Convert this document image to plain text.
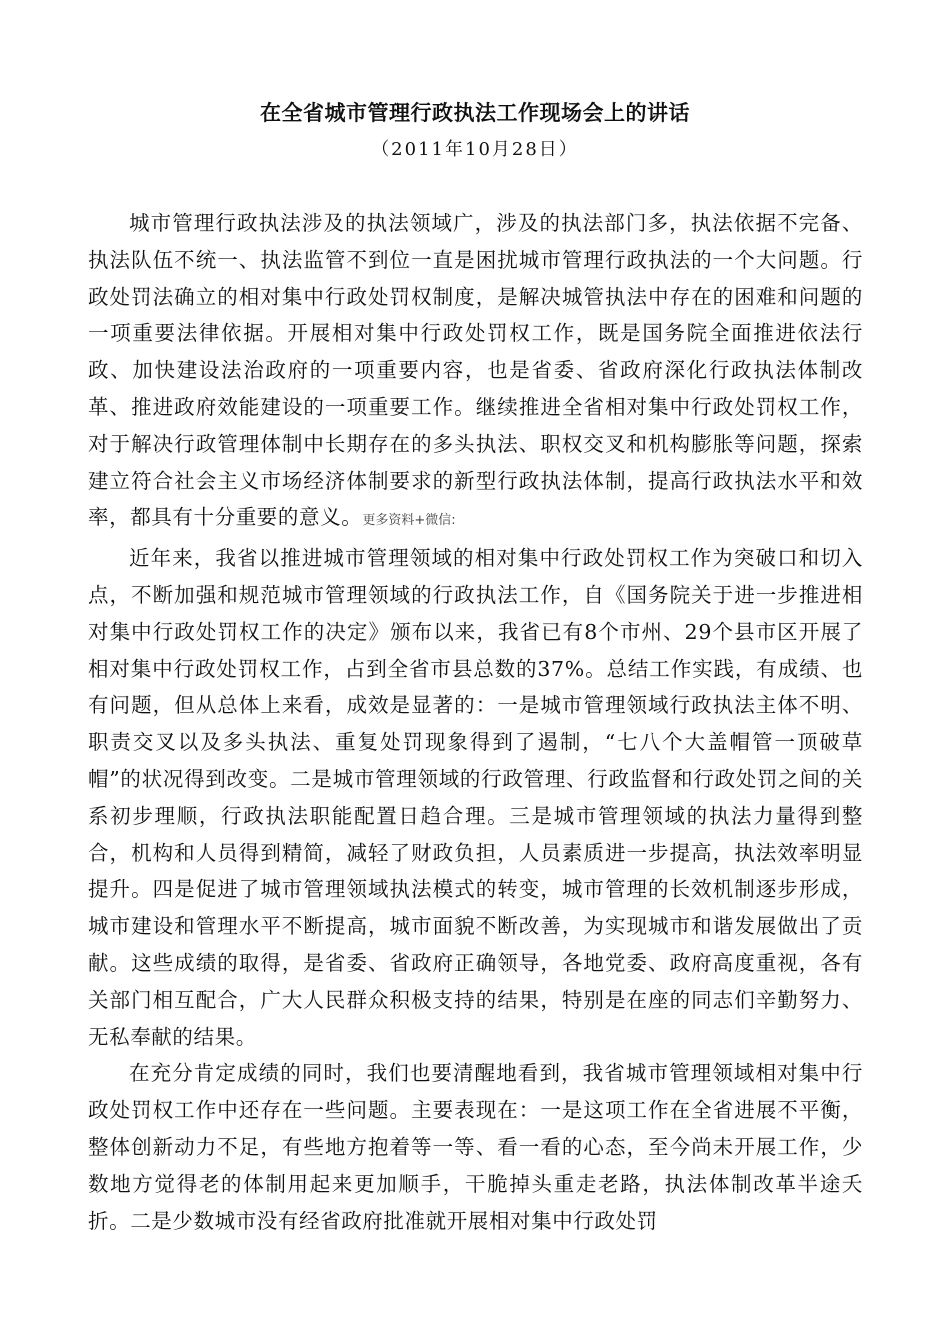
在全省城市管理行政执法工作现场会上的讲话

（2011年10月28日）

城市管理行政执法涉及的执法领域广，涉及的执法部门多，执法依据不完备、执法队伍不统一、执法监管不到位一直是困扰城市管理行政执法的一个大问题。行政处罚法确立的相对集中行政处罚权制度，是解决城管执法中存在的困难和问题的一项重要法律依据。开展相对集中行政处罚权工作，既是国务院全面推进依法行政、加快建设法治政府的一项重要内容，也是省委、省政府深化行政执法体制改革、推进政府效能建设的一项重要工作。继续推进全省相对集中行政处罚权工作，对于解决行政管理体制中长期存在的多头执法、职权交叉和机构膨胀等问题，探索建立符合社会主义市场经济体制要求的新型行政执法体制，提高行政执法水平和效率，都具有十分重要的意义。更多资料+微信:

近年来，我省以推进城市管理领域的相对集中行政处罚权工作为突破口和切入点，不断加强和规范城市管理领域的行政执法工作，自《国务院关于进一步推进相对集中行政处罚权工作的决定》颁布以来，我省已有8个市州、29个县市区开展了相对集中行政处罚权工作，占到全省市县总数的37%。总结工作实践，有成绩、也有问题，但从总体上来看，成效是显著的：一是城市管理领域行政执法主体不明、职责交叉以及多头执法、重复处罚现象得到了遏制，“七八个大盖帽管一顶破草帽”的状况得到改变。二是城市管理领域的行政管理、行政监督和行政处罚之间的关系初步理顺，行政执法职能配置日趋合理。三是城市管理领域的执法力量得到整合，机构和人员得到精简，减轻了财政负担，人员素质进一步提高，执法效率明显提升。四是促进了城市管理领域执法模式的转变，城市管理的长效机制逐步形成，城市建设和管理水平不断提高，城市面貌不断改善，为实现城市和谐发展做出了贡献。这些成绩的取得，是省委、省政府正确领导，各地党委、政府高度重视，各有关部门相互配合，广大人民群众积极支持的结果，特别是在座的同志们辛勤努力、无私奉献的结果。

在充分肯定成绩的同时，我们也要清醒地看到，我省城市管理领域相对集中行政处罚权工作中还存在一些问题。主要表现在：一是这项工作在全省进展不平衡，整体创新动力不足，有些地方抱着等一等、看一看的心态，至今尚未开展工作，少数地方觉得老的体制用起来更加顺手，干脆掉头重走老路，执法体制改革半途夭折。二是少数城市没有经省政府批准就开展相对集中行政处罚
